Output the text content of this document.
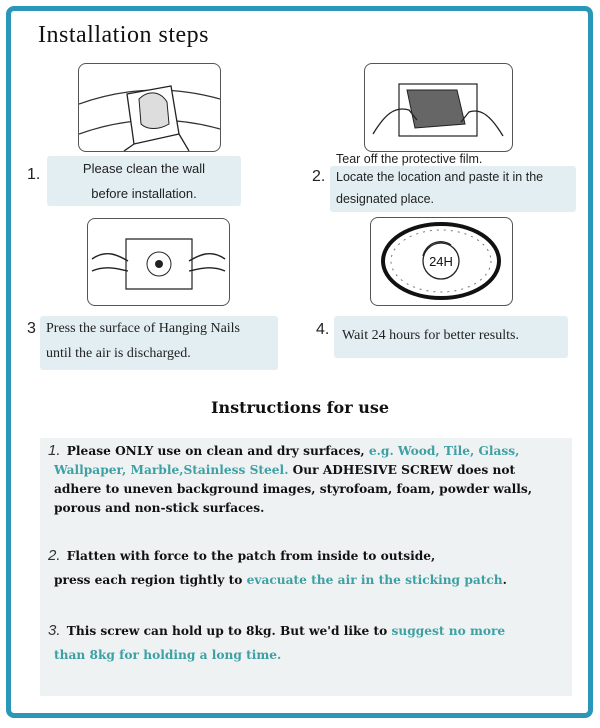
Installation steps
24H
1.	2.
3	4.
Please clean the wall
before installation.
Tear off the protective film.
Locate the location and paste it in the
designated place.
Press the surface of Hanging Nails
until the air is discharged.
Wait 24 hours for better results.
Instructions for use
1. Please ONLY use on clean and dry surfaces, e.g. Wood, Tile, Glass,
Wallpaper, Marble,Stainless Steel. Our ADHESIVE SCREW does not
adhere to uneven background images, styrofoam, foam, powder walls,
porous and non-stick surfaces.
2. Flatten with force to the patch from inside to outside,
press each region tightly to evacuate the air in the sticking patch.
3. This screw can hold up to 8kg. But we'd like to suggest no more
than 8kg for holding a long time.
